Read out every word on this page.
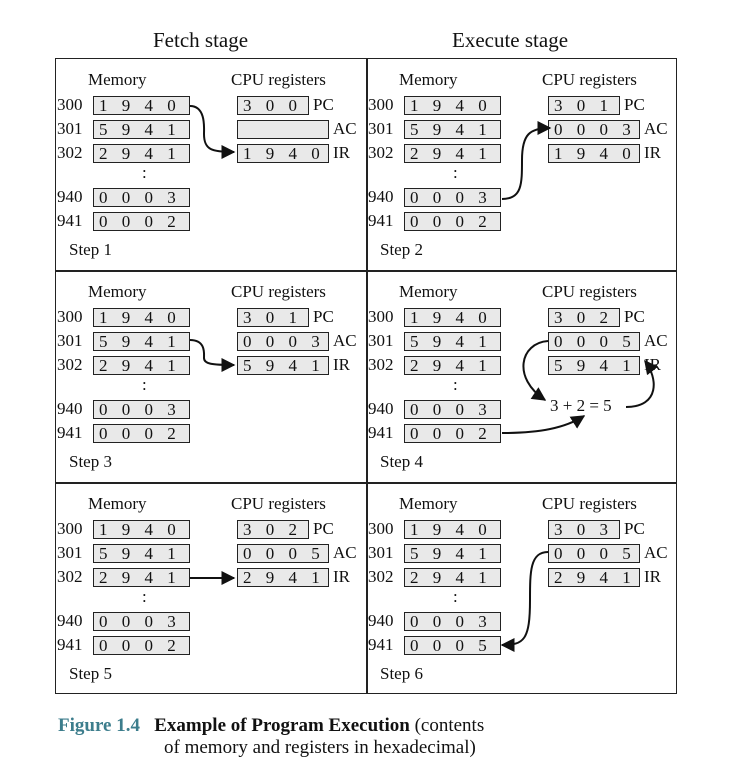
Fetch stage	Execute stage
Memory	CPU registers
300 1 9 4 0
301 5 9 4 1
302 2 9 4 1
940 0 0 0 3
941 0 0 0 2
:
3 0 0 PC
AC
1 9 4 0 IR
Step 1
Memory	CPU registers
300 1 9 4 0
301 5 9 4 1
302 2 9 4 1
940 0 0 0 3
941 0 0 0 2
:
3 0 1 PC
0 0 0 3 AC
1 9 4 0 IR
Step 2
Memory	CPU registers
300 1 9 4 0
301 5 9 4 1
302 2 9 4 1
940 0 0 0 3
941 0 0 0 2
:
3 0 1 PC
0 0 0 3 AC
5 9 4 1 IR
Step 3
Memory	CPU registers
300 1 9 4 0
301 5 9 4 1
302 2 9 4 1
940 0 0 0 3
941 0 0 0 2
:
3 0 2 PC
0 0 0 5 AC
5 9 4 1 IR
Step 4
3 + 2 = 5
Memory	CPU registers
300 1 9 4 0
301 5 9 4 1
302 2 9 4 1
940 0 0 0 3
941 0 0 0 2
:
3 0 2 PC
0 0 0 5 AC
2 9 4 1 IR
Step 5
Memory	CPU registers
300 1 9 4 0
301 5 9 4 1
302 2 9 4 1
940 0 0 0 3
941 0 0 0 5
:
3 0 3 PC
0 0 0 5 AC
2 9 4 1 IR
Step 6
Figure 1.4 Example of Program Execution (contents
of memory and registers in hexadecimal)
